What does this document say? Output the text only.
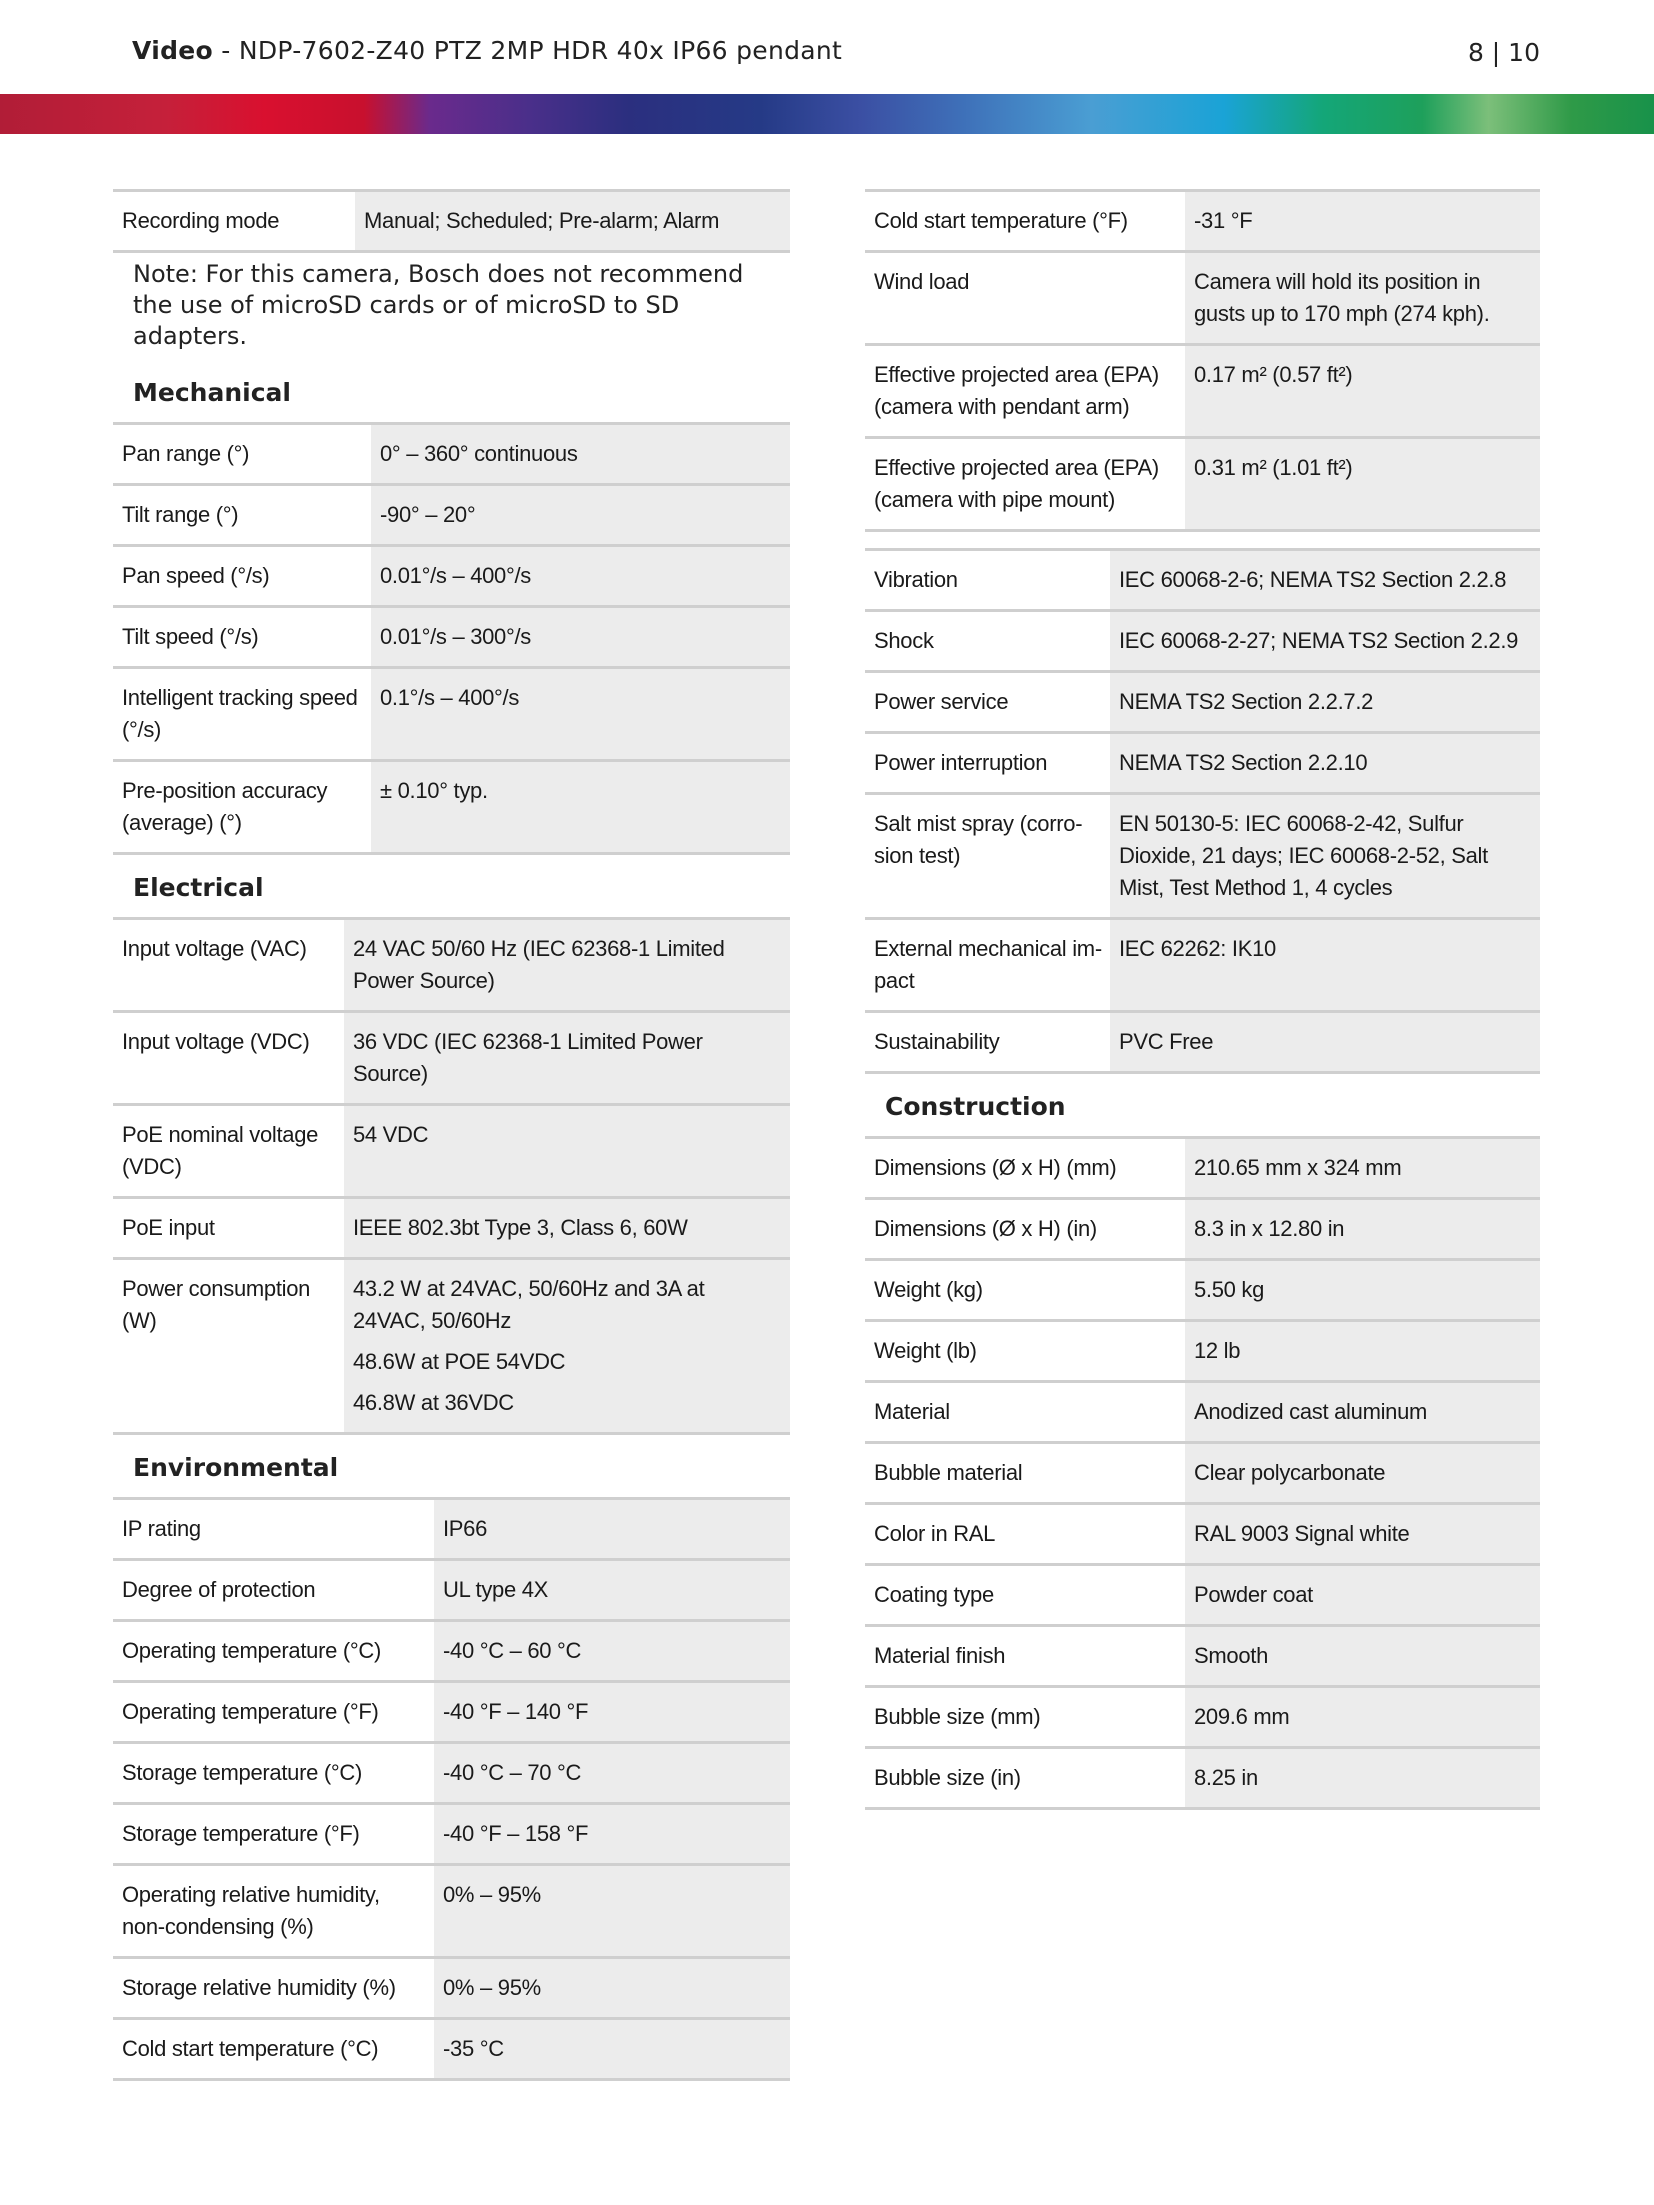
Video - NDP-7602-Z40 PTZ 2MP HDR 40x IP66 pendant	8 | 10
Recording mode	Manual; Scheduled; Pre-alarm; Alarm

Note: For this camera, Bosch does not recommend the use of microSD cards or of microSD to SD adapters.
Mechanical
Pan range (°)	0° – 360° continuous

Tilt range (°)	-90° – 20°

Pan speed (°/s)	0.01°/s – 400°/s

Tilt speed (°/s)	0.01°/s – 300°/s

Intelligent tracking speed (°/s)	0.1°/s – 400°/s

Pre-position accuracy (average) (°)	± 0.10° typ.

Electrical
Input voltage (VAC)	24 VAC 50/60 Hz (IEC 62368-1 Limited Power Source)

Input voltage (VDC)	36 VDC (IEC 62368-1 Limited Power Source)

PoE nominal voltage (VDC)	54 VDC

PoE input	IEEE 802.3bt Type 3, Class 6, 60W

Power consumption (W)	43.2 W at 24VAC, 50/60Hz and 3A at 24VAC, 50/60Hz

48.6W at POE 54VDC

46.8W at 36VDC

Environmental
IP rating	IP66

Degree of protection	UL type 4X

Operating temperature (°C)	-40 °C – 60 °C

Operating temperature (°F)	-40 °F – 140 °F

Storage temperature (°C)	-40 °C – 70 °C

Storage temperature (°F)	-40 °F – 158 °F

Operating relative humidity, non-condensing (%)	0% – 95%

Storage relative humidity (%)	0% – 95%

Cold start temperature (°C)	-35 °C

Cold start temperature (°F)	-31 °F

Wind load	Camera will hold its position in gusts up to 170 mph (274 kph).

Effective projected area (EPA) (camera with pendant arm)	0.17 m² (0.57 ft²)

Effective projected area (EPA) (camera with pipe mount)	0.31 m² (1.01 ft²)

Vibration	IEC 60068-2-6; NEMA TS2 Section 2.2.8

Shock	IEC 60068-2-27; NEMA TS2 Section 2.2.9

Power service	NEMA TS2 Section 2.2.7.2

Power interruption	NEMA TS2 Section 2.2.10

Salt mist spray (corro-sion test)	EN 50130-5: IEC 60068-2-42, Sulfur Dioxide, 21 days; IEC 60068-2-52, Salt Mist, Test Method 1, 4 cycles

External mechanical im-pact	IEC 62262: IK10

Sustainability	PVC Free

Construction
Dimensions (Ø x H) (mm)	210.65 mm x 324 mm

Dimensions (Ø x H) (in)	8.3 in x 12.80 in

Weight (kg)	5.50 kg

Weight (lb)	12 lb

Material	Anodized cast aluminum

Bubble material	Clear polycarbonate

Color in RAL	RAL 9003 Signal white

Coating type	Powder coat

Material finish	Smooth

Bubble size (mm)	209.6 mm

Bubble size (in)	8.25 in
